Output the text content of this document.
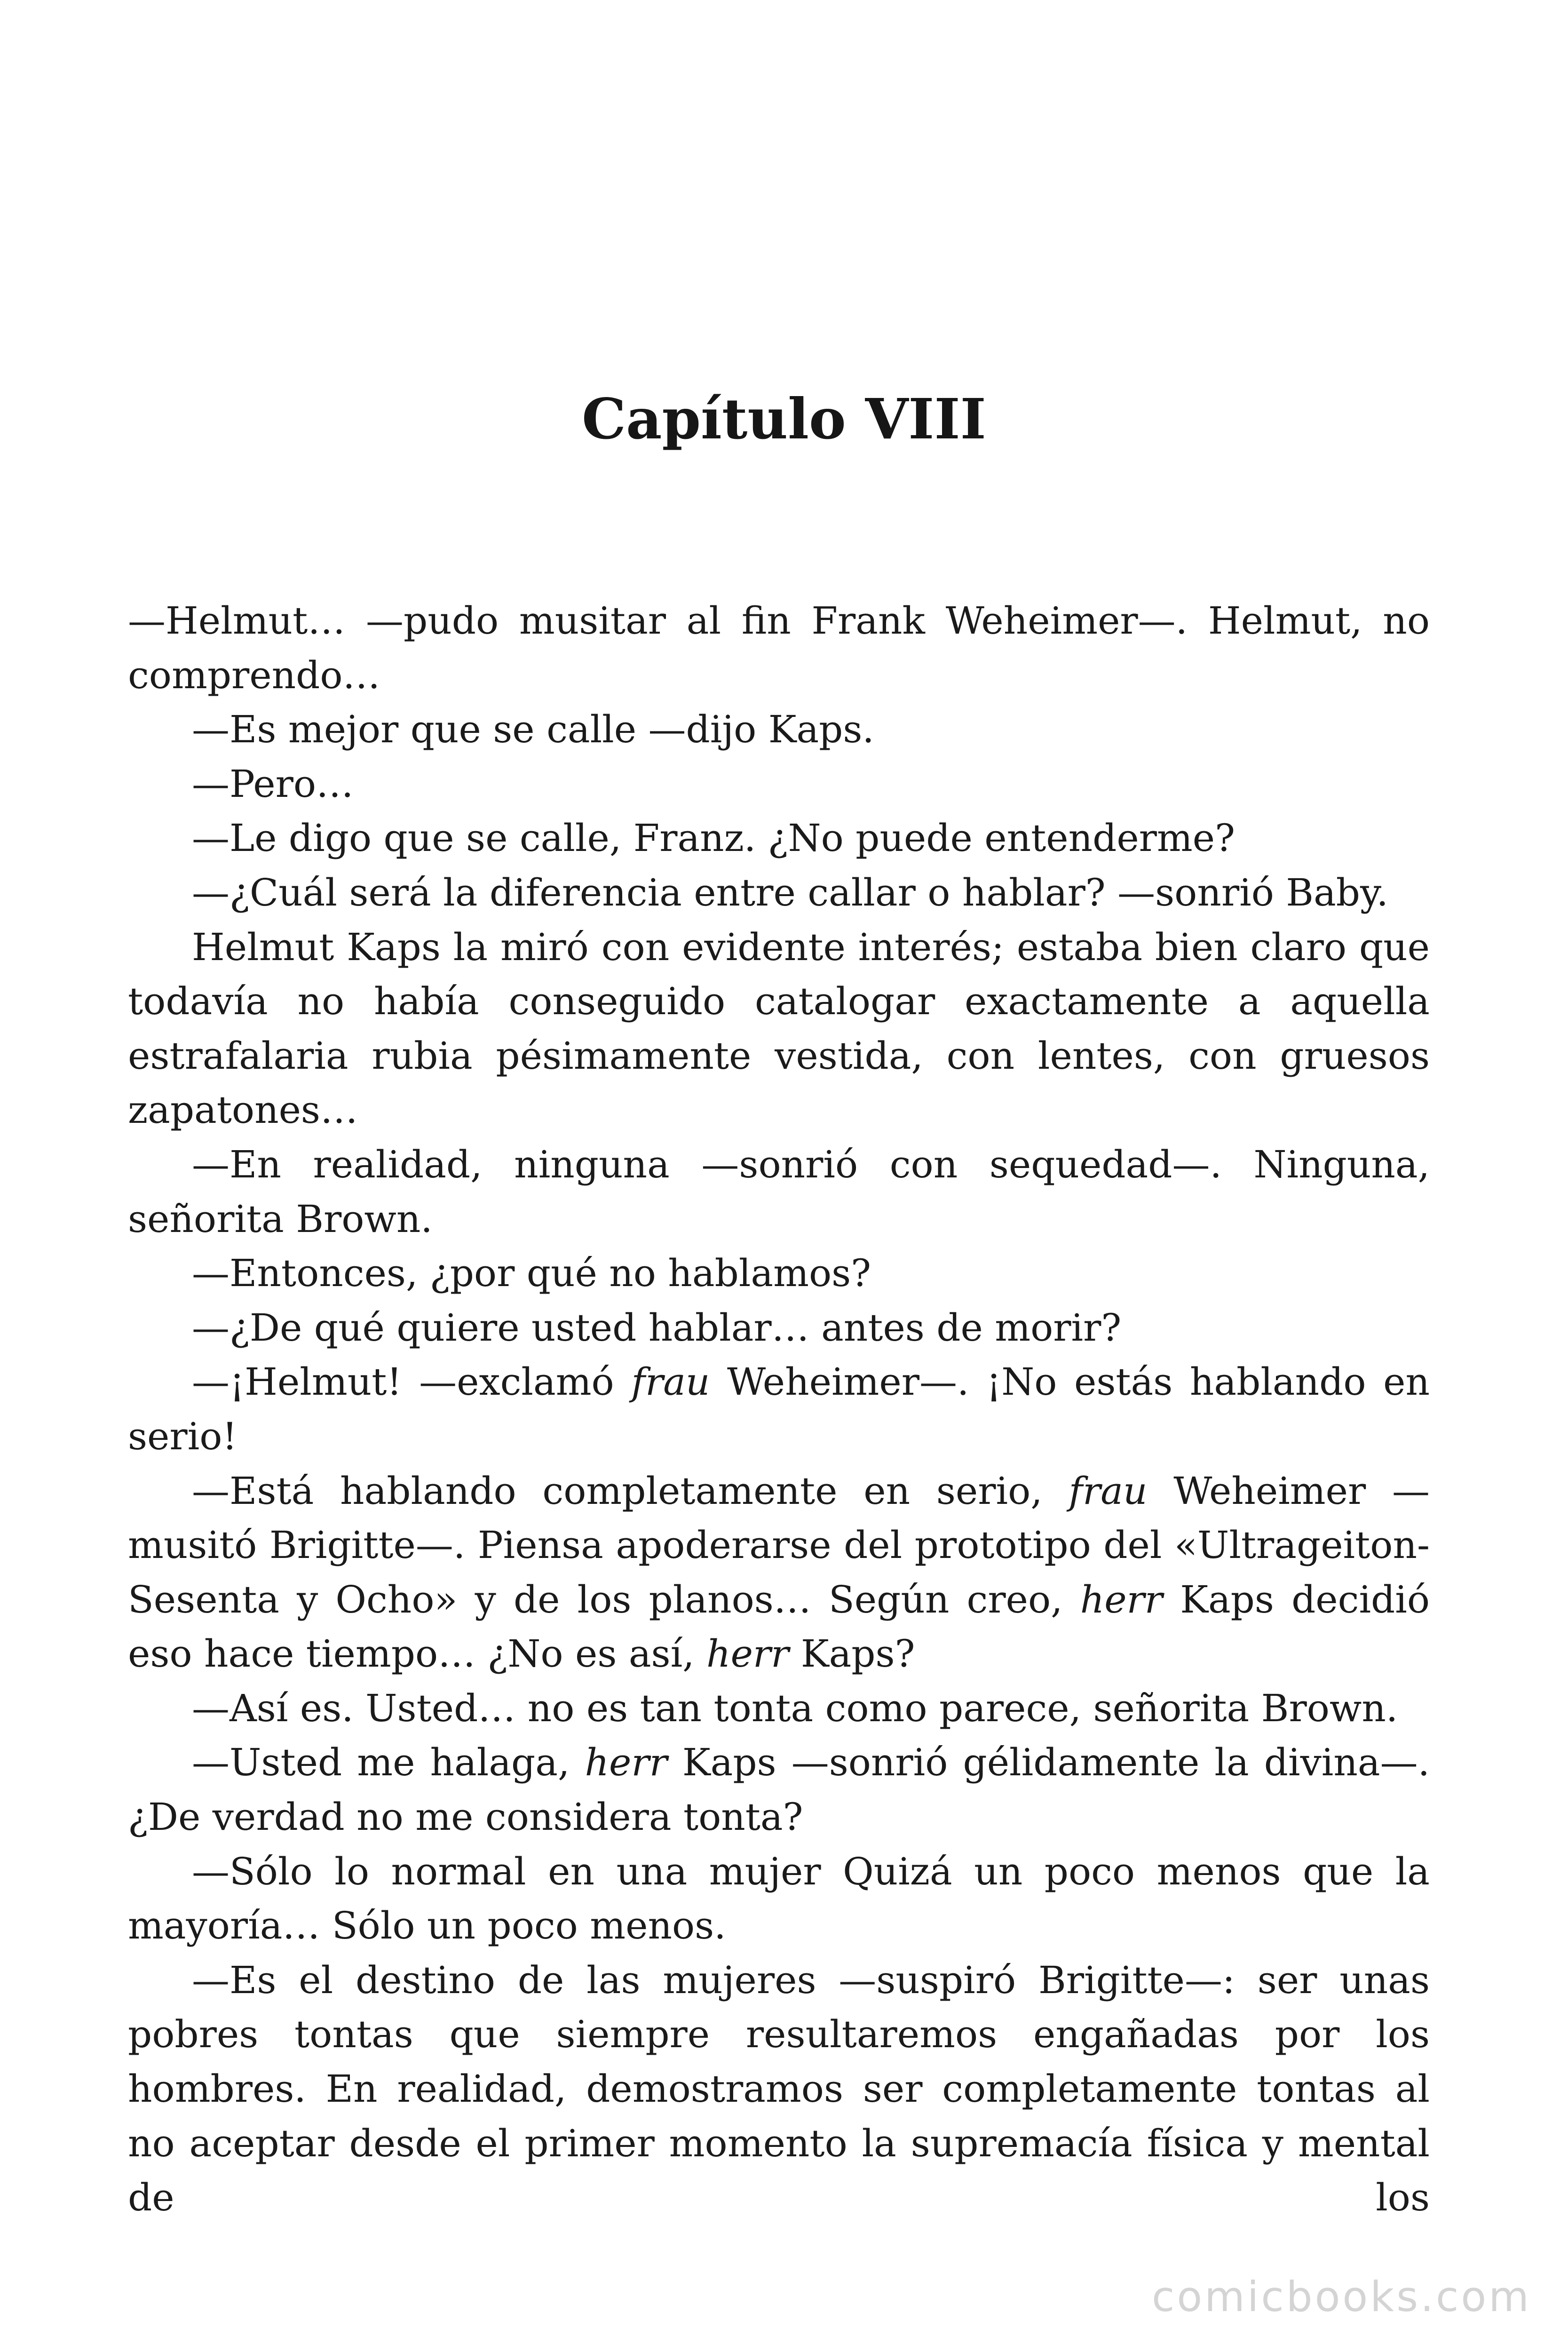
Capítulo VIII

—Helmut… —pudo musitar al fin Frank Weheimer—. Helmut, no comprendo…

—Es mejor que se calle —dijo Kaps.

—Pero…

—Le digo que se calle, Franz. ¿No puede entenderme?

—¿Cuál será la diferencia entre callar o hablar? —sonrió Baby.

Helmut Kaps la miró con evidente interés; estaba bien claro que todavía no había conseguido catalogar exactamente a aquella estrafalaria rubia pésimamente vestida, con lentes, con gruesos zapatones…

—En realidad, ninguna —sonrió con sequedad—. Ninguna, señorita Brown.

—Entonces, ¿por qué no hablamos?

—¿De qué quiere usted hablar… antes de morir?

—¡Helmut! —exclamó frau Weheimer—. ¡No estás hablando en serio!

—Está hablando completamente en serio, frau Weheimer —musitó Brigitte—. Piensa apoderarse del prototipo del «Ultrageiton-Sesenta y Ocho» y de los planos… Según creo, herr Kaps decidió eso hace tiempo… ¿No es así, herr Kaps?

—Así es. Usted… no es tan tonta como parece, señorita Brown.

—Usted me halaga, herr Kaps —sonrió gélidamente la divina—. ¿De verdad no me considera tonta?

—Sólo lo normal en una mujer Quizá un poco menos que la mayoría… Sólo un poco menos.

—Es el destino de las mujeres —suspiró Brigitte—: ser unas pobres tontas que siempre resultaremos engañadas por los hombres. En realidad, demostramos ser completamente tontas al no aceptar desde el primer momento la supremacía física y mental de los

comicbooks.com
